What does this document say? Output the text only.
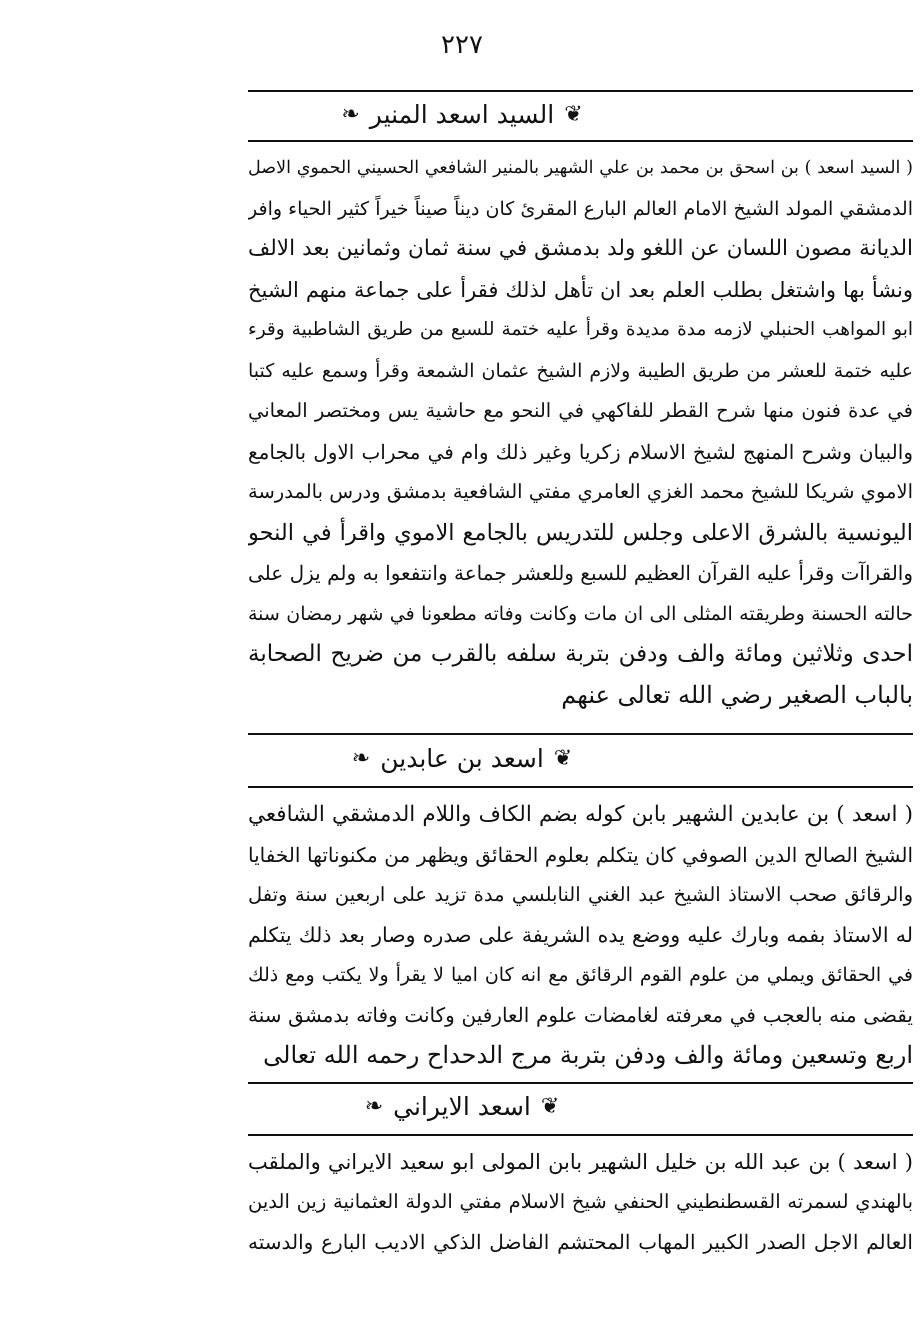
٢٢٧
❦السيد اسعد المنير❧
( السيد اسعد ) بن اسحق بن محمد بن علي الشهير بالمنير الشافعي الحسيني الحموي الاصل
الدمشقي المولد الشيخ الامام العالم البارع المقرئ كان ديناً صيناً خيراً كثير الحياء وافر
الديانة مصون اللسان عن اللغو ولد بدمشق في سنة ثمان وثمانين بعد الالف
ونشأ بها واشتغل بطلب العلم بعد ان تأهل لذلك فقرأ على جماعة منهم الشيخ
ابو المواهب الحنبلي لازمه مدة مديدة وقرأ عليه ختمة للسبع من طريق الشاطبية وقرء
عليه ختمة للعشر من طريق الطيبة ولازم الشيخ عثمان الشمعة وقرأ وسمع عليه كتبا
في عدة فنون منها شرح القطر للفاكهي في النحو مع حاشية يس ومختصر المعاني
والبيان وشرح المنهج لشيخ الاسلام زكريا وغير ذلك وام في محراب الاول بالجامع
الاموي شريكا للشيخ محمد الغزي العامري مفتي الشافعية بدمشق ودرس بالمدرسة
اليونسية بالشرق الاعلى وجلس للتدريس بالجامع الاموي واقرأ في النحو
والقراآت وقرأ عليه القرآن العظيم للسبع وللعشر جماعة وانتفعوا به ولم يزل على
حالته الحسنة وطريقته المثلى الى ان مات وكانت وفاته مطعونا في شهر رمضان سنة
احدى وثلاثين ومائة والف ودفن بتربة سلفه بالقرب من ضريح الصحابة
بالباب الصغير رضي الله تعالى عنهم
❦اسعد بن عابدين❧
( اسعد ) بن عابدين الشهير بابن كوله بضم الكاف واللام الدمشقي الشافعي
الشيخ الصالح الدين الصوفي كان يتكلم بعلوم الحقائق ويظهر من مكنوناتها الخفايا
والرقائق صحب الاستاذ الشيخ عبد الغني النابلسي مدة تزيد على اربعين سنة وتفل
له الاستاذ بفمه وبارك عليه ووضع يده الشريفة على صدره وصار بعد ذلك يتكلم
في الحقائق ويملي من علوم القوم الرقائق مع انه كان اميا لا يقرأ ولا يكتب ومع ذلك
يقضى منه بالعجب في معرفته لغامضات علوم العارفين وكانت وفاته بدمشق سنة
اربع وتسعين ومائة والف ودفن بتربة مرج الدحداح رحمه الله تعالى
❦اسعد الايراني❧
( اسعد ) بن عبد الله بن خليل الشهير بابن المولى ابو سعيد الايراني والملقب
بالهندي لسمرته القسطنطيني الحنفي شيخ الاسلام مفتي الدولة العثمانية زين الدين
العالم الاجل الصدر الكبير المهاب المحتشم الفاضل الذكي الاديب البارع والدسته
